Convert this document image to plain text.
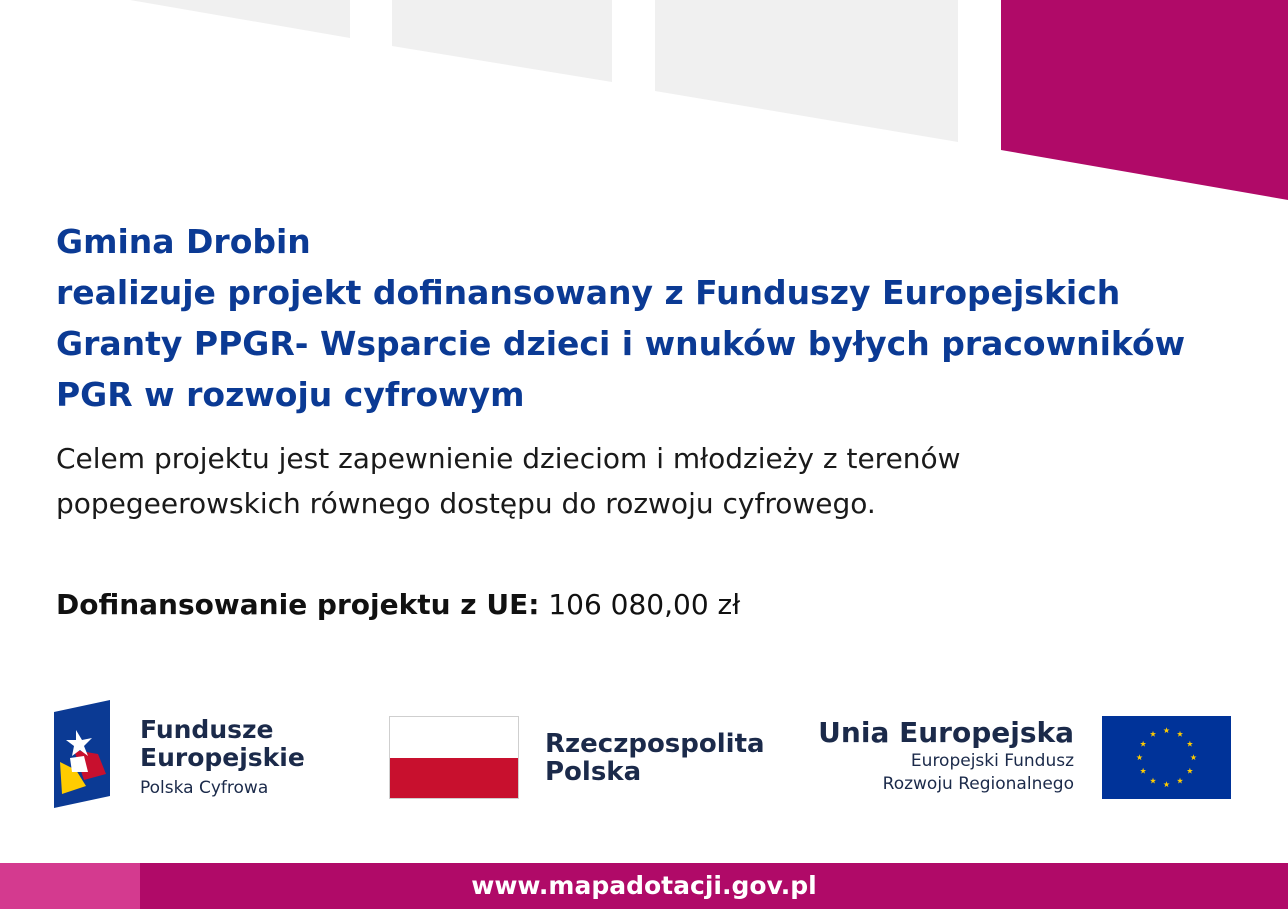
Gmina Drobin
realizuje projekt dofinansowany z Funduszy Europejskich
Granty PPGR- Wsparcie dzieci i wnuków byłych pracowników
PGR w rozwoju cyfrowym
Celem projektu jest zapewnienie dzieciom i młodzieży z terenów
popegeerowskich równego dostępu do rozwoju cyfrowego.
Dofinansowanie projektu z UE: 106 080,00 zł
Fundusze
Europejskie
Polska Cyfrowa
Rzeczpospolita
Polska
Unia Europejska
Europejski Fundusz
Rozwoju Regionalnego
www.mapadotacji.gov.pl
